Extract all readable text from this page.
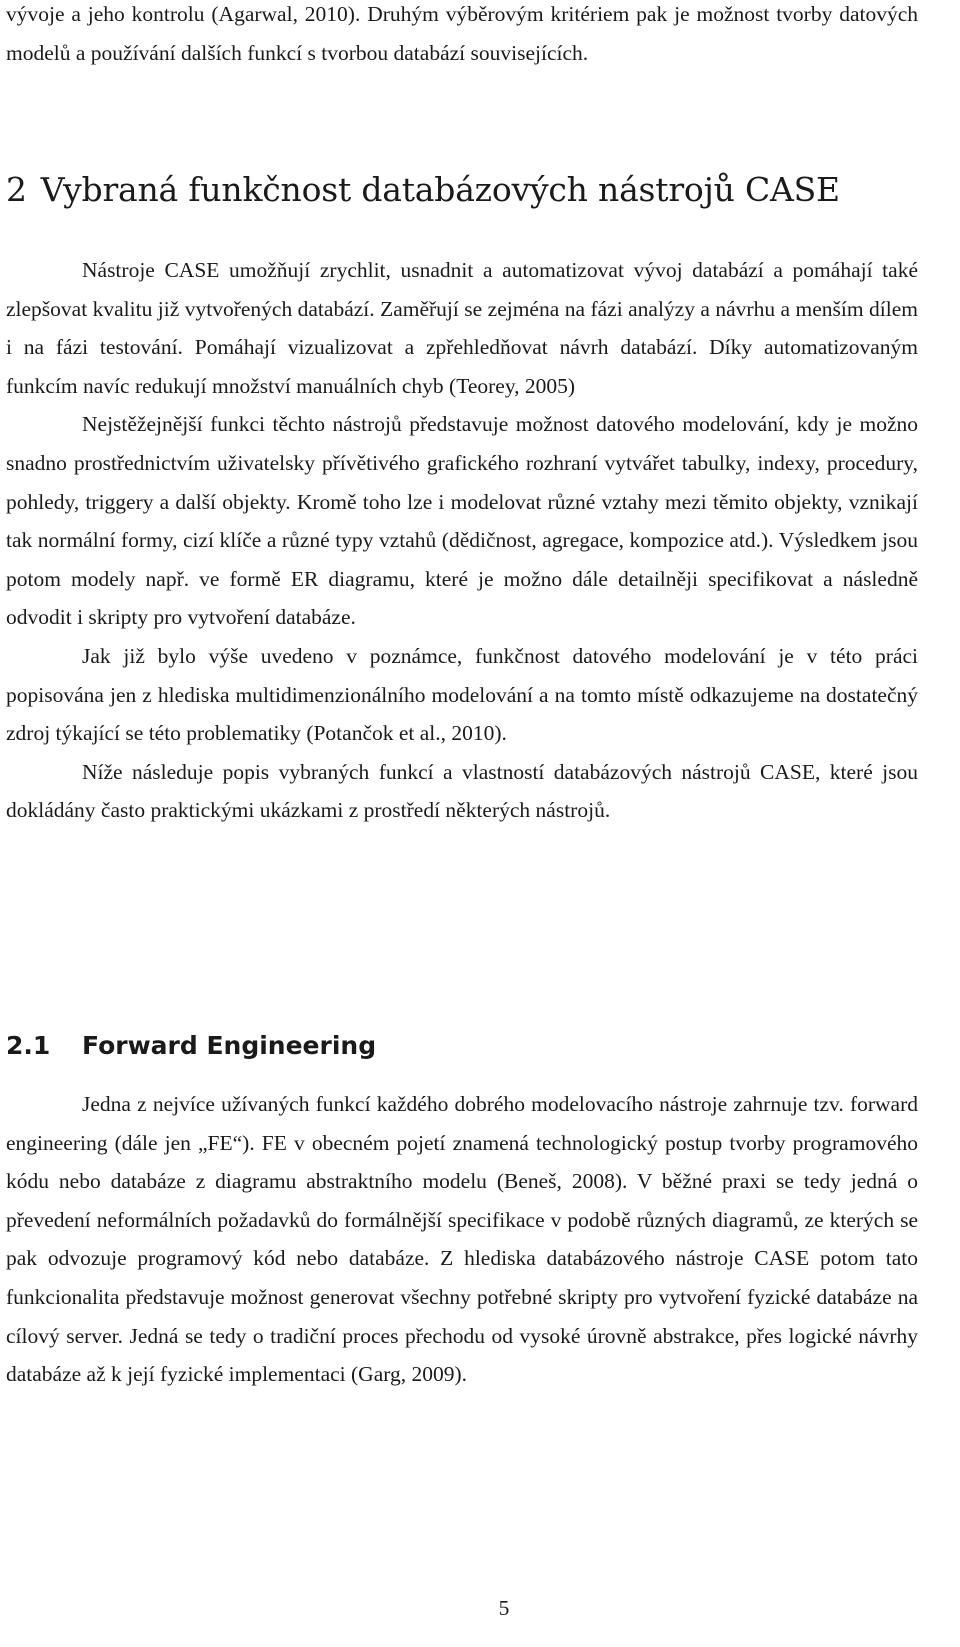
vývoje a jeho kontrolu (Agarwal, 2010). Druhým výběrovým kritériem pak je možnost tvorby datových modelů a používání dalších funkcí s tvorbou databází souvisejících.

2 Vybraná funkčnost databázových nástrojů CASE

Nástroje CASE umožňují zrychlit, usnadnit a automatizovat vývoj databází a pomáhají také zlepšovat kvalitu již vytvořených databází. Zaměřují se zejména na fázi analýzy a návrhu a menším dílem i na fázi testování. Pomáhají vizualizovat a zpřehledňovat návrh databází. Díky automatizovaným funkcím navíc redukují množství manuálních chyb (Teorey, 2005)

Nejstěžejnější funkci těchto nástrojů představuje možnost datového modelování, kdy je možno snadno prostřednictvím uživatelsky přívětivého grafického rozhraní vytvářet tabulky, indexy, procedury, pohledy, triggery a další objekty. Kromě toho lze i modelovat různé vztahy mezi těmito objekty, vznikají tak normální formy, cizí klíče a různé typy vztahů (dědičnost, agregace, kompozice atd.). Výsledkem jsou potom modely např. ve formě ER diagramu, které je možno dále detailněji specifikovat a následně odvodit i skripty pro vytvoření databáze.

Jak již bylo výše uvedeno v poznámce, funkčnost datového modelování je v této práci popisována jen z hlediska multidimenzionálního modelování a na tomto místě odkazujeme na dostatečný zdroj týkající se této problematiky (Potančok et al., 2010).

Níže následuje popis vybraných funkcí a vlastností databázových nástrojů CASE, které jsou dokládány často praktickými ukázkami z prostředí některých nástrojů.

2.1 Forward Engineering

Jedna z nejvíce užívaných funkcí každého dobrého modelovacího nástroje zahrnuje tzv. forward engineering (dále jen „FE“). FE v obecném pojetí znamená technologický postup tvorby programového kódu nebo databáze z diagramu abstraktního modelu (Beneš, 2008). V běžné praxi se tedy jedná o převedení neformálních požadavků do formálnější specifikace v podobě různých diagramů, ze kterých se pak odvozuje programový kód nebo databáze. Z hlediska databázového nástroje CASE potom tato funkcionalita představuje možnost generovat všechny potřebné skripty pro vytvoření fyzické databáze na cílový server. Jedná se tedy o tradiční proces přechodu od vysoké úrovně abstrakce, přes logické návrhy databáze až k její fyzické implementaci (Garg, 2009).

5
